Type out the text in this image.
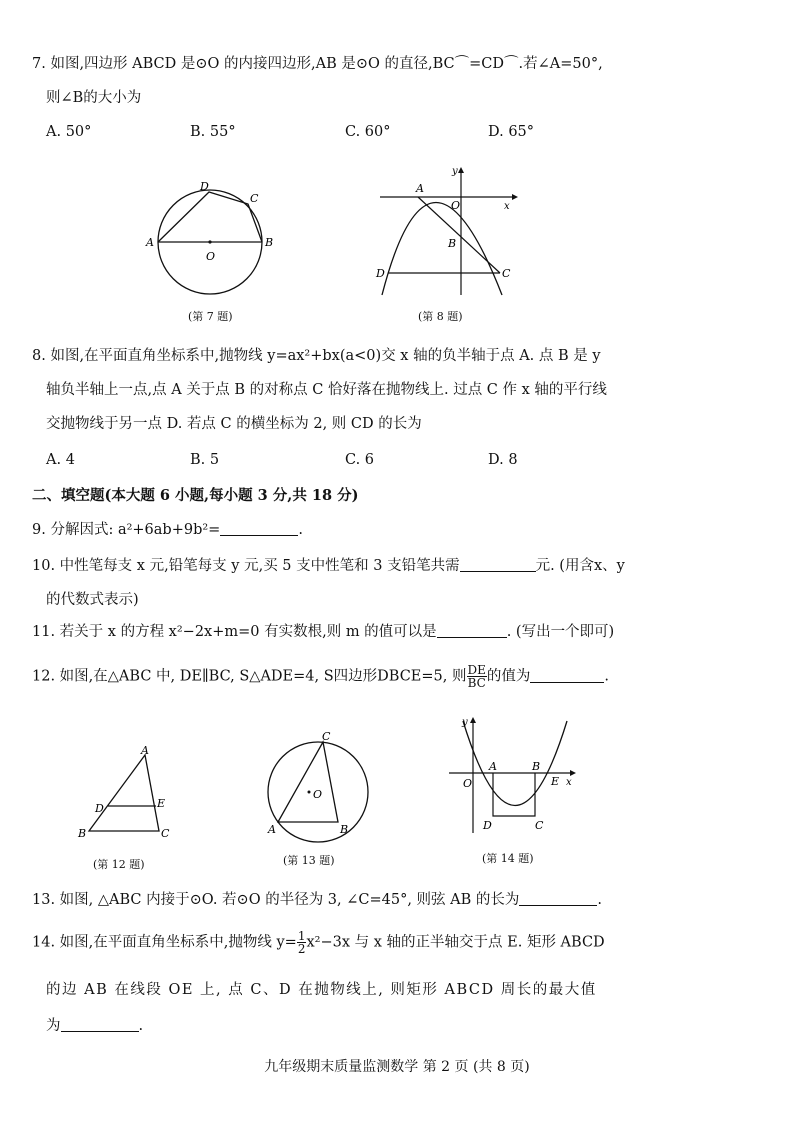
7. 如图,四边形 ABCD 是⊙O 的内接四边形,AB 是⊙O 的直径,BC⌒=CD⌒.若∠A=50°,
则∠B的大小为
A. 50°	B. 55°	C. 60°	D. 65°
D
C
A
O
B
(第 7 题)
y
A
O	x
B
D	C
(第 8 题)
8. 如图,在平面直角坐标系中,抛物线 y=ax²+bx(a<0)交 x 轴的负半轴于点 A. 点 B 是 y
轴负半轴上一点,点 A 关于点 B 的对称点 C 恰好落在抛物线上. 过点 C 作 x 轴的平行线
交抛物线于另一点 D. 若点 C 的横坐标为 2, 则 CD 的长为
A. 4	B. 5	C. 6	D. 8
二、填空题(本大题 6 小题,每小题 3 分,共 18 分)
9. 分解因式: a²+6ab+9b²=	.
10. 中性笔每支 x 元,铅笔每支 y 元,买 5 支中性笔和 3 支铅笔共需	元. (用含x、y
的代数式表示)
11. 若关于 x 的方程 x²−2x+m=0 有实数根,则 m 的值可以是	. (写出一个即可)
12. 如图,在△ABC 中, DE∥BC, S△ADE=4, S四边形DBCE=5, 则 $\frac{DE}{BC}$ 的值为	.
A
D	E
B	C
(第 12 题)
C
O
A	B
(第 13 题)
y
O
A	B
E x
D	C
(第 14 题)
13. 如图, △ABC 内接于⊙O. 若⊙O 的半径为 3, ∠C=45°, 则弦 AB 的长为	.
14. 如图,在平面直角坐标系中,抛物线 $y= \frac{1}{2} x^2-3x$ 与 x 轴的正半轴交于点 E. 矩形 ABCD
的边 AB 在线段 OE 上, 点 C、D 在抛物线上, 则矩形 ABCD 周长的最大值
为	.
九年级期末质量监测数学 第 2 页 (共 8 页)
